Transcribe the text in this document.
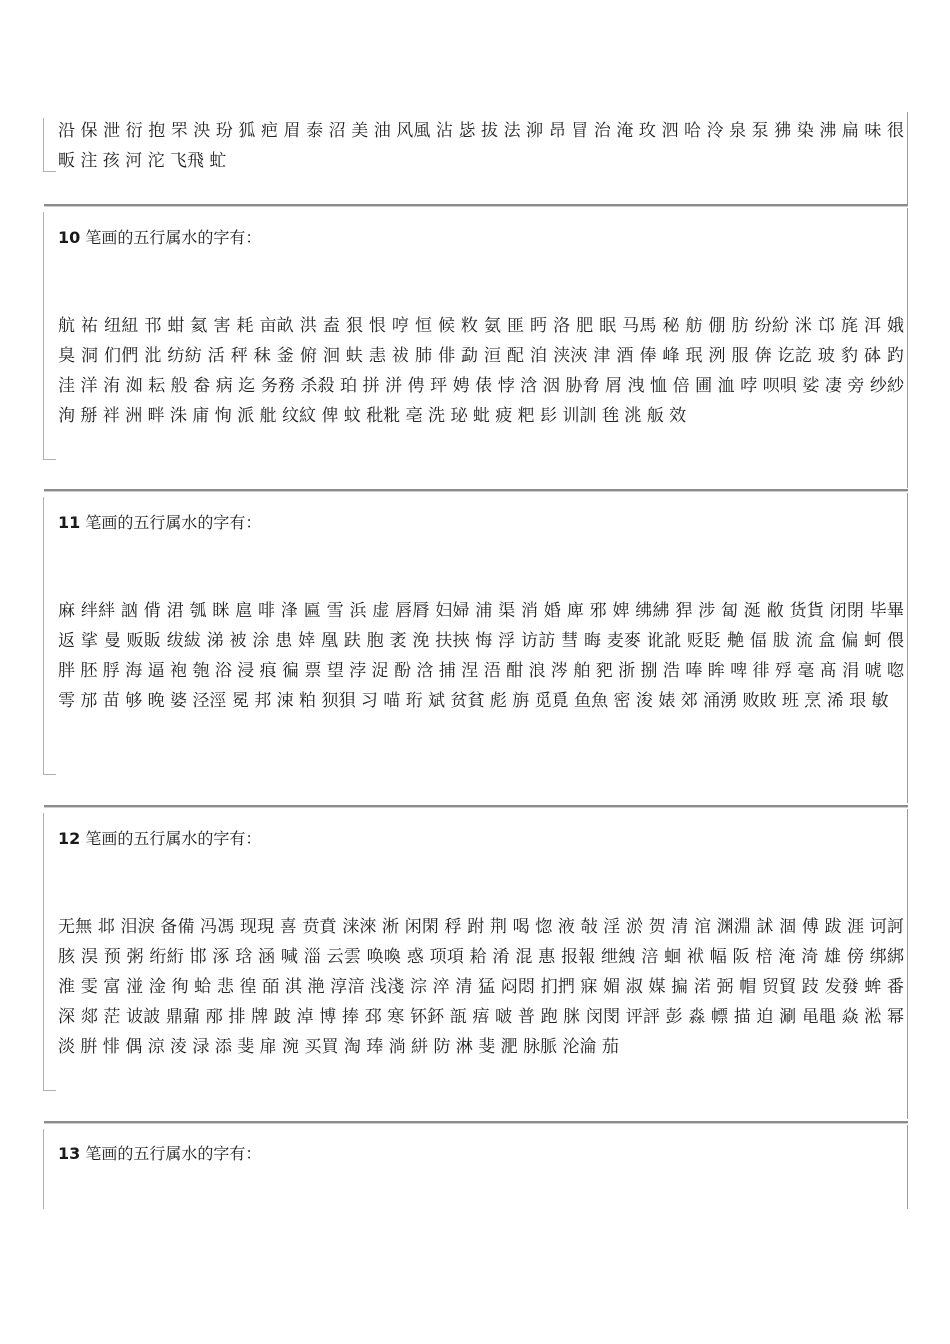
沿 保 泄 衍 抱 罘 泱 玢 狐 疤 眉 泰 沼 美 油 风風 沾 毖 拔 法 泖 昂 冒 治 淹 玫 泗 哈 泠 泉 泵 狒 染 沸 扁 味 很 畈 注 孩 河 沱 飞飛 虻
10 笔画的五行属水的字有：
航 祐 纽紐 邗 蚶 氦 害 耗 亩畝 洪 盍 狠 恨 哼 恒 候 敉 氨 匪 眄 洛 肥 眠 马馬 秘 舫 倗 肪 纷紛 洣 邙 旄 洱 娥 臭 洞 们們 沘 纺紡 活 秤 秣 釜 俯 洄 蚨 恚 祓 肺 俳 勐 洹 配 洎 浃浹 津 酒 俸 峰 珉 洌 服 倴 讫訖 玻 豹 砵 趵 洼 洋 洧 洳 耘 般 畚 病 迄 务務 杀殺 珀 拼 洴 俜 玶 娉 俵 悖 浛 洇 胁脅 屑 洩 恤 倍 圃 洫 哱 呗唄 娑 凄 旁 纱紗 洵 掰 袢 洲 畔 洙 庯 恂 派 舭 纹紋 俾 蚊 秕粃 亳 洗 珌 蚍 疲 粑 髟 训訓 毪 洮 舨 效
11 笔画的五行属水的字有：
麻 绊絆 訩 偝 涒 瓠 眯 扈 啡 浲 匾 雪 浜 虚 唇脣 妇婦 浦 渠 消 婚 庳 邪 婢 绋紼 猂 涉 匐 涎 敝 货貨 闭閉 毕畢 返 挲 曼 贩販 绂紱 涕 被 涂 患 婞 凰 趺 胞 袤 浼 扶挾 悔 浮 访訪 彗 晦 麦麥 讹訛 贬貶 艴 偪 胈 流 盒 偏 蚵 偎 胖 胚 脬 海 逼 袍 匏 浴 浸 痕 徧 票 望 浡 浞 酚 浛 捕 涅 浯 酣 浪 涔 舶 豝 浙 捌 浩 唪 眸 啤 徘 殍 毫 髙 涓 唬 唿 雩 邡 苗 够 晚 婆 泾涇 冕 邦 涑 粕 狈狽 习 喵 珩 斌 贫貧 彪 旃 觅覓 鱼魚 密 浚 婊 郊 涌湧 败敗 班 烹 浠 珢 敏
12 笔画的五行属水的字有：
无無 邶 泪淚 备備 冯馮 现現 喜 贲賁 涞淶 淅 闲閑 稃 跗 荆 喝 惚 液 敧 淫 淤 贺 清 涫 渊淵 訹 涸 傅 跋 涯 诃訶 胲 淏 预 粥 绗絎 邯 涿 琀 涵 喊 淄 云雲 唤喚 惑 项項 耠 淆 混 惠 报報 绁絏 涪 蛔 袱 幅 阪 棓 淹 渏 雄 傍 绑綁 淮 雯 富 湴 淦 徇 蛤 悲 徨 皕 淇 滟 淳湆 浅淺 淙 淬 清 猛 闷悶 扪捫 寐 媚 淑 媒 揙 渃 弼 帽 贸貿 跂 发發 蛑 番 深 郯 茫 诐詖 鼎鼐 邴 排 牌 跛 淖 博 捧 邳 寒 钚鈈 瓿 痦 啵 普 跑 脒 闵閔 评評 彭 淼 幖 描 迫 涮 黾黽 焱 淞 幂 淡 腁 悱 偶 涼 淩 渌 添 斐 扉 涴 买買 淘 琫 淌 絣 防 淋 斐 淝 脉脈 沦淪 茄
13 笔画的五行属水的字有：
